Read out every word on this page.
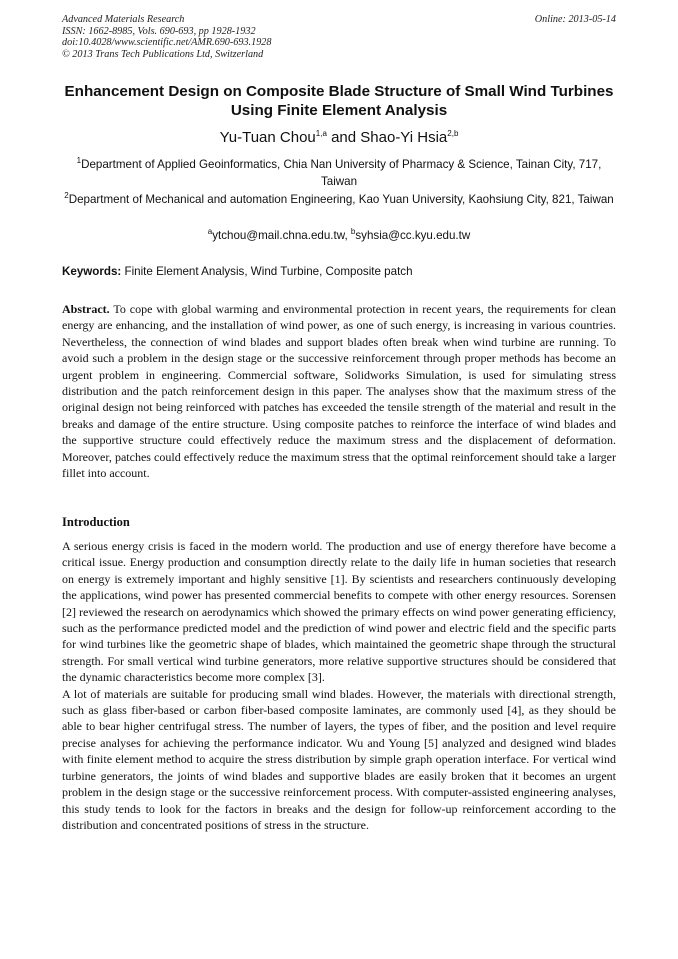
Advanced Materials Research
ISSN: 1662-8985, Vols. 690-693, pp 1928-1932
doi:10.4028/www.scientific.net/AMR.690-693.1928
© 2013 Trans Tech Publications Ltd, Switzerland
Online: 2013-05-14
Enhancement Design on Composite Blade Structure of Small Wind Turbines Using Finite Element Analysis
Yu-Tuan Chou$^{1,a}$ and Shao-Yi Hsia$^{2,b}$
$^1$Department of Applied Geoinformatics, Chia Nan University of Pharmacy & Science, Tainan City, 717, Taiwan
$^2$Department of Mechanical and automation Engineering, Kao Yuan University, Kaohsiung City, 821, Taiwan
$^a$ytchou@mail.chna.edu.tw, $^b$syhsia@cc.kyu.edu.tw
Keywords: Finite Element Analysis, Wind Turbine, Composite patch
Abstract. To cope with global warming and environmental protection in recent years, the requirements for clean energy are enhancing, and the installation of wind power, as one of such energy, is increasing in various countries. Nevertheless, the connection of wind blades and support blades often break when wind turbine are running. To avoid such a problem in the design stage or the successive reinforcement through proper methods has become an urgent problem in engineering. Commercial software, Solidworks Simulation, is used for simulating stress distribution and the patch reinforcement design in this paper. The analyses show that the maximum stress of the original design not being reinforced with patches has exceeded the tensile strength of the material and result in the breaks and damage of the entire structure. Using composite patches to reinforce the interface of wind blades and the supportive structure could effectively reduce the maximum stress and the displacement of deformation. Moreover, patches could effectively reduce the maximum stress that the optimal reinforcement should take a larger fillet into account.
Introduction

A serious energy crisis is faced in the modern world. The production and use of energy therefore have become a critical issue. Energy production and consumption directly relate to the daily life in human societies that research on energy is extremely important and highly sensitive [1]. By scientists and researchers continuously developing the applications, wind power has presented commercial benefits to compete with other energy resources. Sorensen [2] reviewed the research on aerodynamics which showed the primary effects on wind power generating efficiency, such as the performance predicted model and the prediction of wind power and electric field and the specific parts for wind turbines like the geometric shape of blades, which maintained the geometric shape through the structural strength. For small vertical wind turbine generators, more relative supportive structures should be considered that the dynamic characteristics become more complex [3].

A lot of materials are suitable for producing small wind blades. However, the materials with directional strength, such as glass fiber-based or carbon fiber-based composite laminates, are commonly used [4], as they should be able to bear higher centrifugal stress. The number of layers, the types of fiber, and the position and level require precise analyses for achieving the performance indicator. Wu and Young [5] analyzed and designed wind blades with finite element method to acquire the stress distribution by simple graph operation interface. For vertical wind turbine generators, the joints of wind blades and supportive blades are easily broken that it becomes an urgent problem in the design stage or the successive reinforcement process. With computer-assisted engineering analyses, this study tends to look for the factors in breaks and the design for follow-up reinforcement according to the distribution and concentrated positions of stress in the structure.
